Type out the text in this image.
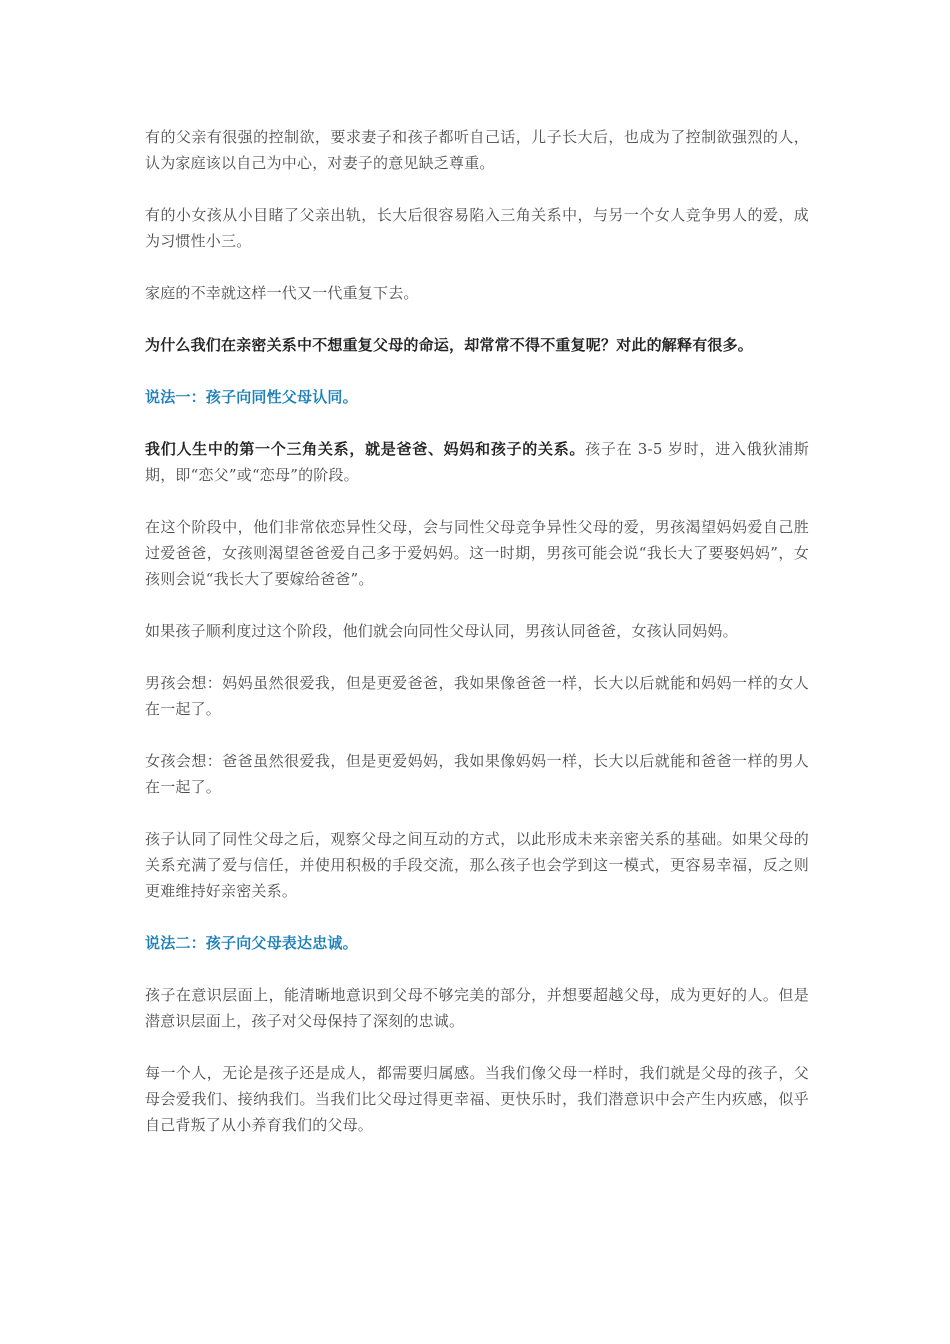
有的父亲有很强的控制欲，要求妻子和孩子都听自己话，儿子长大后，也成为了控制欲强烈的人，认为家庭该以自己为中心，对妻子的意见缺乏尊重。

有的小女孩从小目睹了父亲出轨，长大后很容易陷入三角关系中，与另一个女人竞争男人的爱，成为习惯性小三。

家庭的不幸就这样一代又一代重复下去。

为什么我们在亲密关系中不想重复父母的命运，却常常不得不重复呢？对此的解释有很多。

说法一：孩子向同性父母认同。

我们人生中的第一个三角关系，就是爸爸、妈妈和孩子的关系。孩子在 3-5 岁时，进入俄狄浦斯期，即“恋父”或“恋母”的阶段。

在这个阶段中，他们非常依恋异性父母，会与同性父母竞争异性父母的爱，男孩渴望妈妈爱自己胜过爱爸爸，女孩则渴望爸爸爱自己多于爱妈妈。这一时期，男孩可能会说“我长大了要娶妈妈”，女孩则会说“我长大了要嫁给爸爸”。

如果孩子顺利度过这个阶段，他们就会向同性父母认同，男孩认同爸爸，女孩认同妈妈。

男孩会想：妈妈虽然很爱我，但是更爱爸爸，我如果像爸爸一样，长大以后就能和妈妈一样的女人在一起了。

女孩会想：爸爸虽然很爱我，但是更爱妈妈，我如果像妈妈一样，长大以后就能和爸爸一样的男人在一起了。

孩子认同了同性父母之后，观察父母之间互动的方式，以此形成未来亲密关系的基础。如果父母的关系充满了爱与信任，并使用积极的手段交流，那么孩子也会学到这一模式，更容易幸福，反之则更难维持好亲密关系。

说法二：孩子向父母表达忠诚。

孩子在意识层面上，能清晰地意识到父母不够完美的部分，并想要超越父母，成为更好的人。但是潜意识层面上，孩子对父母保持了深刻的忠诚。

每一个人，无论是孩子还是成人，都需要归属感。当我们像父母一样时，我们就是父母的孩子，父母会爱我们、接纳我们。当我们比父母过得更幸福、更快乐时，我们潜意识中会产生内疚感，似乎自己背叛了从小养育我们的父母。
